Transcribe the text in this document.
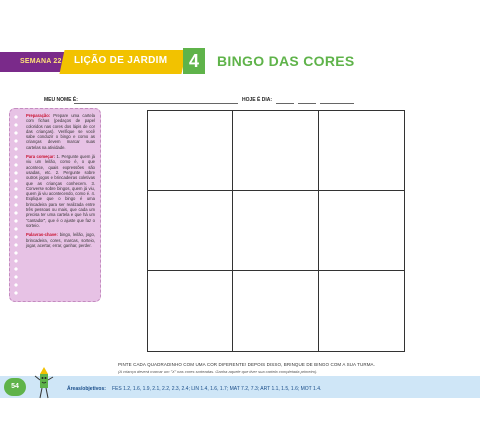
SEMANA 22 LIÇÃO DE JARDIM	4	BINGO DAS CORES
MEU NOME É:	HOJE É DIA:

Preparação: Prepare uma cartela com fichas (pedaços de papel coloridos nas cores dos lápis de cor das crianças). Verifique se você sabe conduzir o bingo e como as crianças devem marcar suas cartelas na atividade.

Para começar: 1. Pergunte quem já viu um leilão, como é, o que acontece, quais expressões são usadas, etc. 2. Pergunte sobre outros jogos e brincadeiras coletivas que as crianças conhecem. 3. Converse sobre bingos, quem já viu, quem já viu acontecendo, como é. 4. Explique que o bingo é uma brincadeira para ser realizada entre três pessoas ou mais, que cada um precisa ter uma cartela e que há um "cantador", que é o ajuste que faz o sorteio.

Palavras-chave: bingo, leilão, jogo, brincadeira, cores, marcas, sorteio, jogar, acertar, errar, ganhar, perder.

PINTE CADA QUADRADINHO COM UMA COR DIFERENTE! DEPOIS DISSO, BRINQUE DE BINGO COM A SUA TURMA.
(A criança deverá marcar um "X" nas cores sorteadas. Ganha aquele que tiver sua cartela completada primeiro).
54	Áreas/objetivos: FES 1.2, 1.6, 1.9, 2.1, 2.2, 2.3, 2.4; LIN 1.4, 1.6, 1.7; MAT 7.2, 7.3; ART 1.1, 1.5, 1.6; MOT 1.4.
